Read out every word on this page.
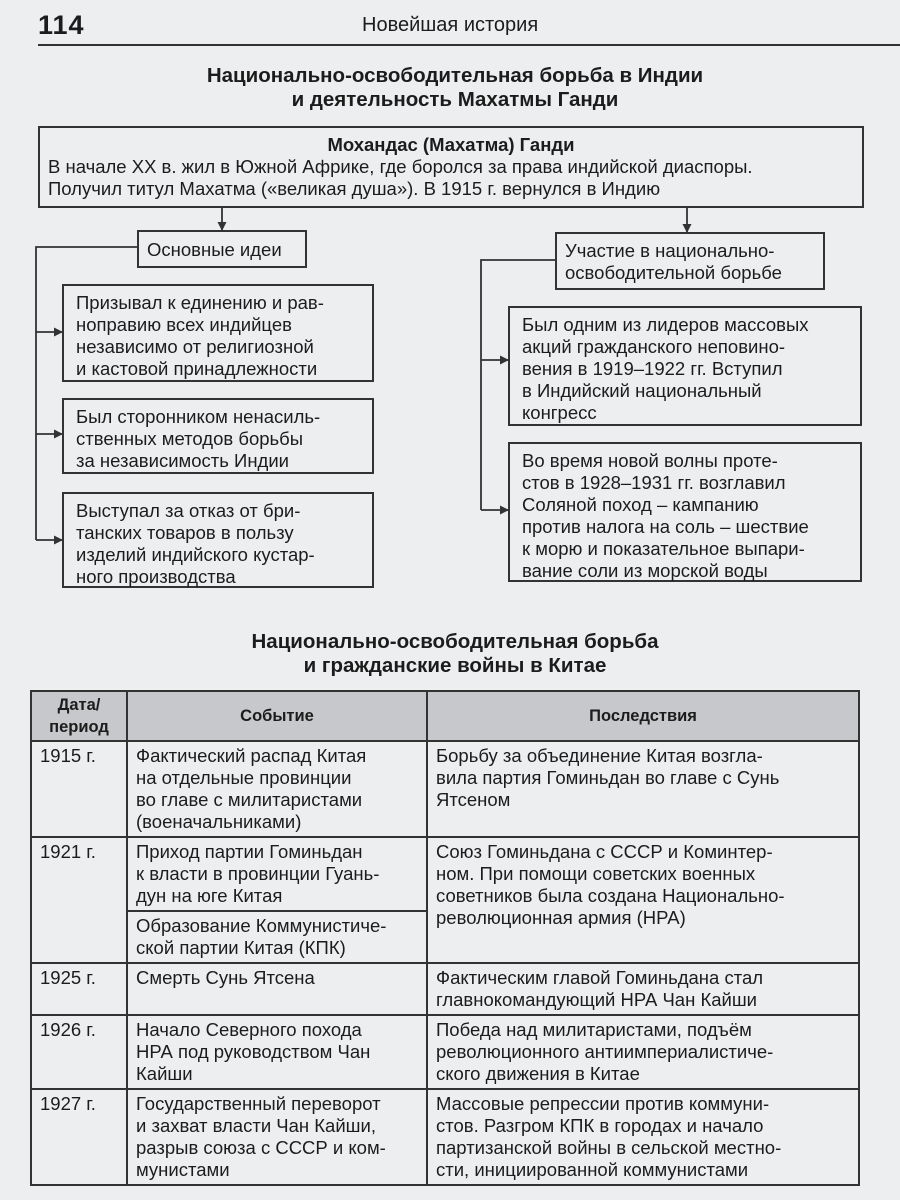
114	Новейшая история
Национально-освободительная борьба в Индии
и деятельность Махатмы Ганди
Мохандас (Махатма) Ганди
В начале XX в. жил в Южной Африке, где боролся за права индийской диаспоры.
Получил титул Махатма («великая душа»). В 1915 г. вернулся в Индию
Основные идеи
Призывал к единению и рав-
ноправию всех индийцев
независимо от религиозной
и кастовой принадлежности
Был сторонником ненасиль-
ственных методов борьбы
за независимость Индии
Выступал за отказ от бри-
танских товаров в пользу
изделий индийского кустар-
ного производства
Участие в национально-
освободительной борьбе
Был одним из лидеров массовых
акций гражданского неповино-
вения в 1919–1922 гг. Вступил
в Индийский национальный
конгресс
Во время новой волны проте-
стов в 1928–1931 гг. возглавил
Соляной поход – кампанию
против налога на соль – шествие
к морю и показательное выпари-
вание соли из морской воды
Национально-освободительная борьба
и гражданские войны в Китае
Дата/
период	Событие	Последствия
1915 г.	Фактический распад Китая
на отдельные провинции
во главе с милитаристами
(военачальниками)	Борьбу за объединение Китая возгла-
вила партия Гоминьдан во главе с Сунь
Ятсеном
1921 г.	Приход партии Гоминьдан
к власти в провинции Гуань-
дун на юге Китая	Союз Гоминьдана с СССР и Коминтер-
ном. При помощи советских военных
советников была создана Национально-
революционная армия (НРА)
	Образование Коммунистиче-
ской партии Китая (КПК)	
1925 г.	Смерть Сунь Ятсена	Фактическим главой Гоминьдана стал
главнокомандующий НРА Чан Кайши
1926 г.	Начало Северного похода
НРА под руководством Чан
Кайши	Победа над милитаристами, подъём
революционного антиимпериалистиче-
ского движения в Китае
1927 г.	Государственный переворот
и захват власти Чан Кайши,
разрыв союза с СССР и ком-
мунистами	Массовые репрессии против коммуни-
стов. Разгром КПК в городах и начало
партизанской войны в сельской местно-
сти, инициированной коммунистами
